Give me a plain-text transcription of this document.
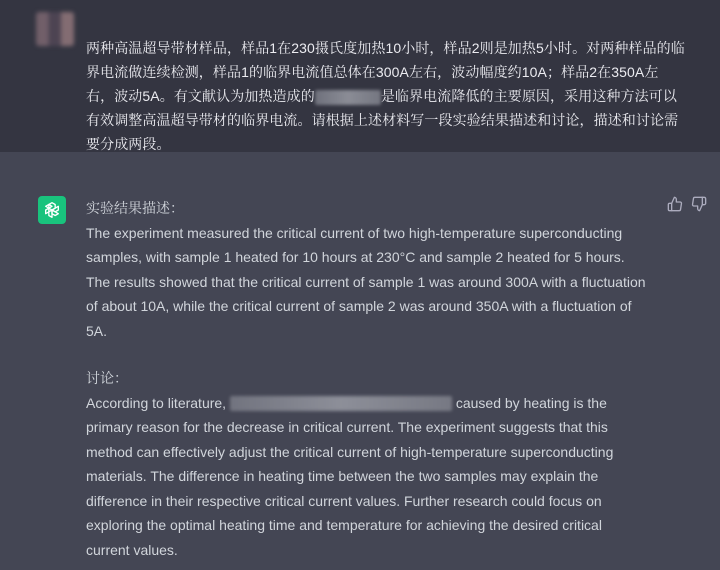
两种高温超导带材样品，样品1在230摄氏度加热10小时，样品2则是加热5小时。对两种样品的临界电流做连续检测，样品1的临界电流值总体在300A左右，波动幅度约10A；样品2在350A左右，波动5A。有文献认为加热造成的	是临界电流降低的主要原因，采用这种方法可以有效调整高温超导带材的临界电流。请根据上述材料写一段实验结果描述和讨论，描述和讨论需要分成两段。

实验结果描述：

The experiment measured the critical current of two high-temperature superconducting samples, with sample 1 heated for 10 hours at 230°C and sample 2 heated for 5 hours. The results showed that the critical current of sample 1 was around 300A with a fluctuation of about 10A, while the critical current of sample 2 was around 350A with a fluctuation of 5A.

讨论：

According to literature,	caused by heating is the primary reason for the decrease in critical current. The experiment suggests that this method can effectively adjust the critical current of high-temperature superconducting materials. The difference in heating time between the two samples may explain the difference in their respective critical current values. Further research could focus on exploring the optimal heating time and temperature for achieving the desired critical current values.
